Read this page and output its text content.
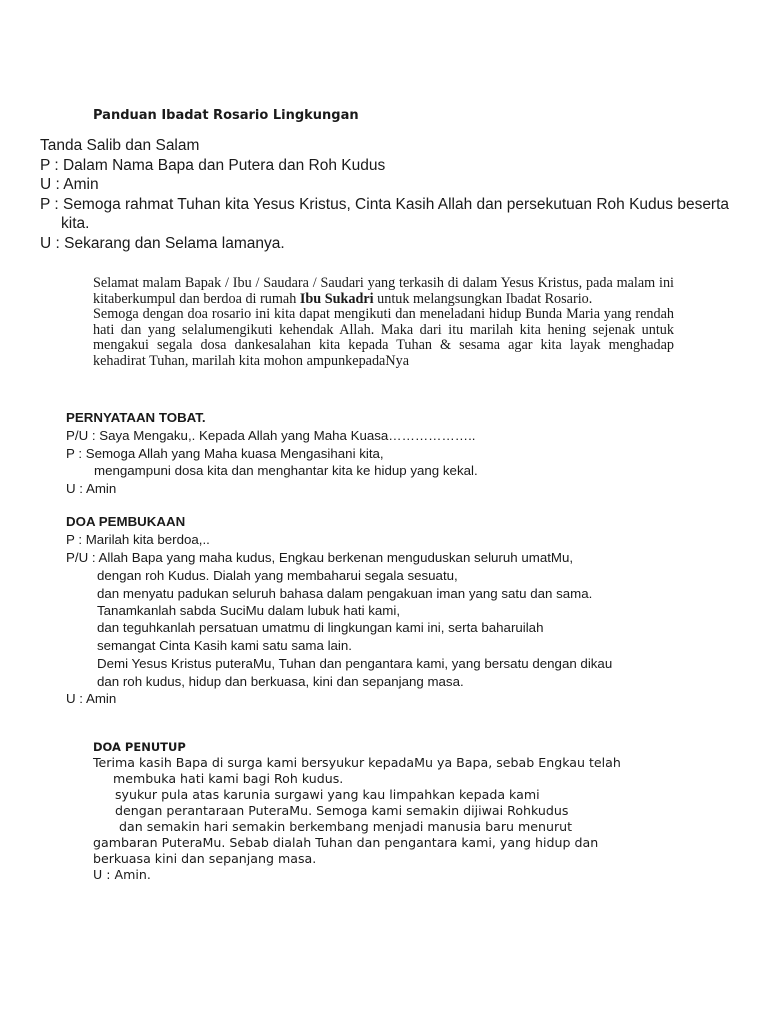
Panduan Ibadat Rosario Lingkungan
Tanda Salib dan Salam
P : Dalam Nama Bapa dan Putera dan Roh Kudus
U : Amin
P : Semoga rahmat Tuhan kita Yesus Kristus, Cinta Kasih Allah dan persekutuan Roh Kudus beserta
kita.
U : Sekarang dan Selama lamanya.

Selamat malam Bapak / Ibu / Saudara / Saudari yang terkasih di dalam Yesus Kristus, pada malam ini kitaberkumpul dan berdoa di rumah Ibu Sukadri untuk melangsungkan Ibadat Rosario.

Semoga dengan doa rosario ini kita dapat mengikuti dan meneladani hidup Bunda Maria yang rendah hati dan yang selalumengikuti kehendak Allah. Maka dari itu marilah kita hening sejenak untuk mengakui segala dosa dankesalahan kita kepada Tuhan & sesama agar kita layak menghadap kehadirat Tuhan, marilah kita mohon ampunkepadaNya

PERNYATAAN TOBAT.
P/U : Saya Mengaku,. Kepada Allah yang Maha Kuasa………………..
P : Semoga Allah yang Maha kuasa Mengasihani kita,
mengampuni dosa kita dan menghantar kita ke hidup yang kekal.
U : Amin
DOA PEMBUKAAN
P : Marilah kita berdoa,..
P/U : Allah Bapa yang maha kudus, Engkau berkenan menguduskan seluruh umatMu,
dengan roh Kudus. Dialah yang membaharui segala sesuatu,
dan menyatu padukan seluruh bahasa dalam pengakuan iman yang satu dan sama.
Tanamkanlah sabda SuciMu dalam lubuk hati kami,
dan teguhkanlah persatuan umatmu di lingkungan kami ini, serta baharuilah
semangat Cinta Kasih kami satu sama lain.
Demi Yesus Kristus puteraMu, Tuhan dan pengantara kami, yang bersatu dengan dikau
dan roh kudus, hidup dan berkuasa, kini dan sepanjang masa.
U : Amin
DOA PENUTUP
Terima kasih Bapa di surga kami bersyukur kepadaMu ya Bapa, sebab Engkau telah
membuka hati kami bagi Roh kudus.
syukur pula atas karunia surgawi yang kau limpahkan kepada kami
dengan perantaraan PuteraMu. Semoga kami semakin dijiwai Rohkudus
dan semakin hari semakin berkembang menjadi manusia baru menurut
gambaran PuteraMu. Sebab dialah Tuhan dan pengantara kami, yang hidup dan
berkuasa kini dan sepanjang masa.
U : Amin.
